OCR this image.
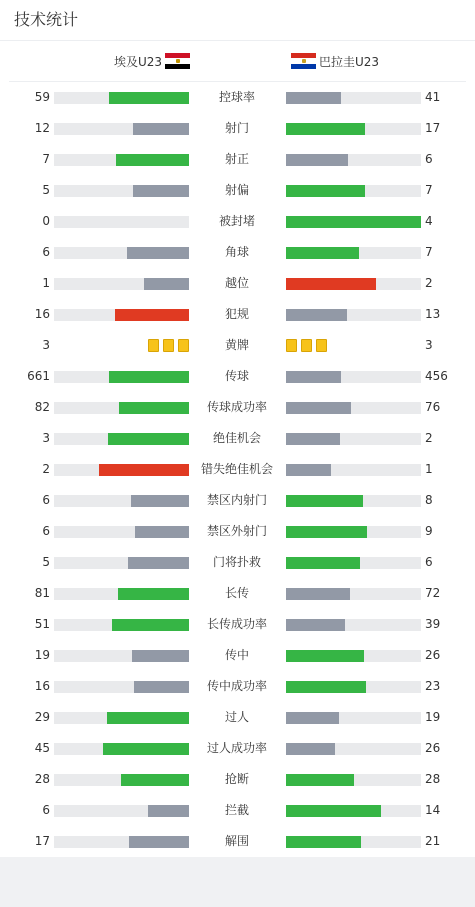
技术统计
埃及U23	巴拉圭U23
59	控球率	41
12	射门	17
7	射正	6
5	射偏	7
0	被封堵	4
6	角球	7
1	越位	2
16	犯规	13
3	黄牌	3
661	传球	456
82	传球成功率	76
3	绝佳机会	2
2	错失绝佳机会	1
6	禁区内射门	8
6	禁区外射门	9
5	门将扑救	6
81	长传	72
51	长传成功率	39
19	传中	26
16	传中成功率	23
29	过人	19
45	过人成功率	26
28	抢断	28
6	拦截	14
17	解围	21
